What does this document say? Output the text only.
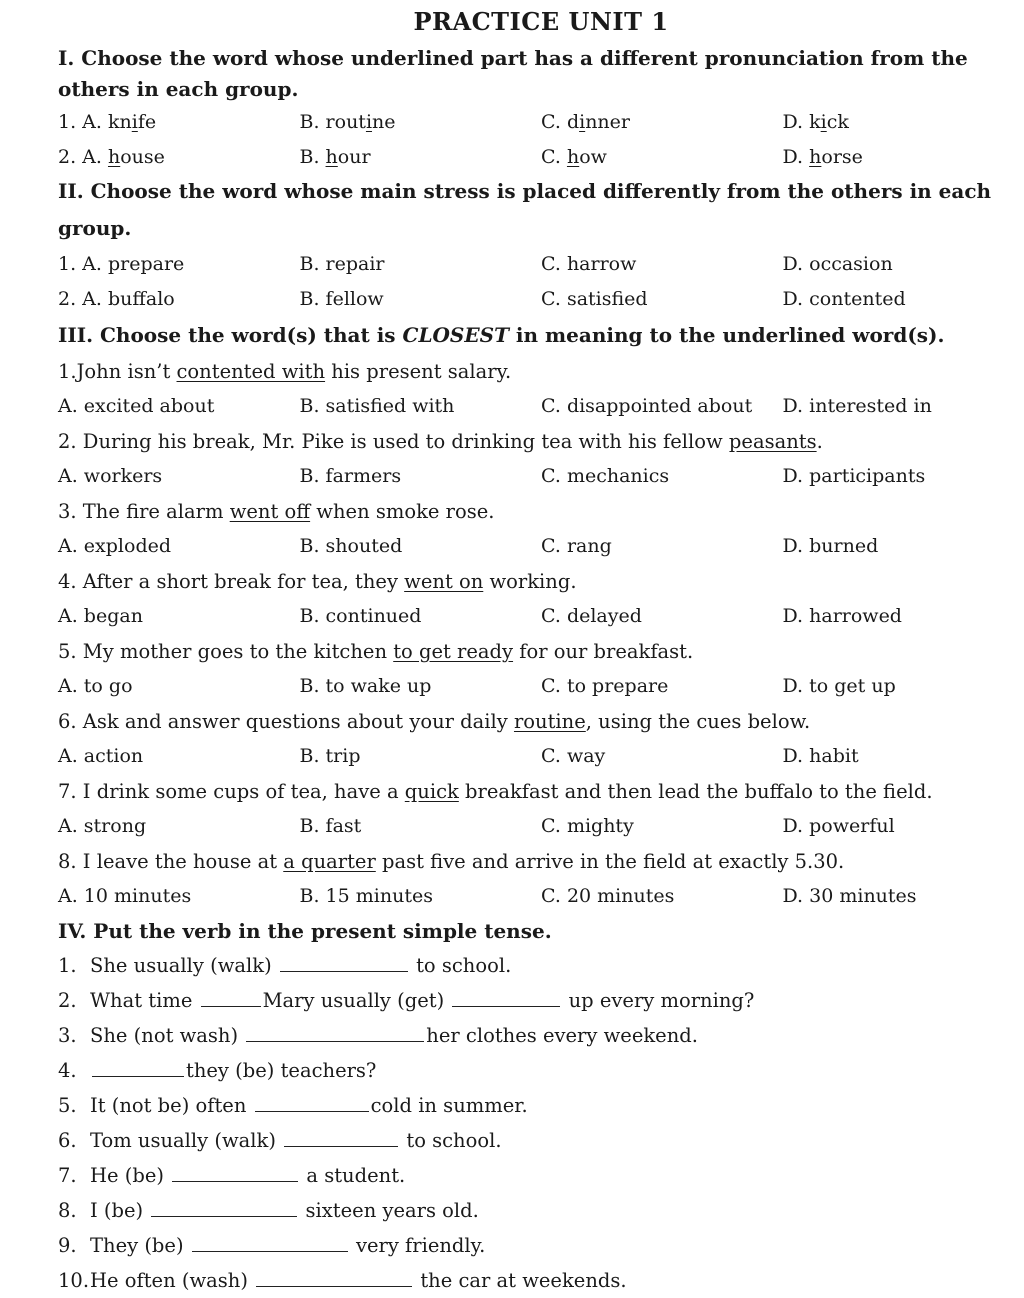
PRACTICE UNIT 1

I. Choose the word whose underlined part has a different pronunciation from the others in each group.

1. A. knife	B. routine	C. dinner	D. kick
2. A. house	B. hour	C. how	D. horse

II. Choose the word whose main stress is placed differently from the others in each group.

1. A. prepare	B. repair	C. harrow	D. occasion
2. A. buffalo	B. fellow	C. satisfied	D. contented

III. Choose the word(s) that is CLOSEST in meaning to the underlined word(s).

1.John isn’t contented with his present salary.
A. excited about	B. satisfied with	C. disappointed about	D. interested in
2. During his break, Mr. Pike is used to drinking tea with his fellow peasants.
A. workers	B. farmers	C. mechanics	D. participants
3. The fire alarm went off when smoke rose.
A. exploded	B. shouted	C. rang	D. burned
4. After a short break for tea, they went on working.
A. began	B. continued	C. delayed	D. harrowed
5. My mother goes to the kitchen to get ready for our breakfast.
A. to go	B. to wake up	C. to prepare	D. to get up
6. Ask and answer questions about your daily routine, using the cues below.
A. action	B. trip	C. way	D. habit
7. I drink some cups of tea, have a quick breakfast and then lead the buffalo to the field.
A. strong	B. fast	C. mighty	D. powerful
8. I leave the house at a quarter past five and arrive in the field at exactly 5.30.
A. 10 minutes	B. 15 minutes	C. 20 minutes	D. 30 minutes

IV. Put the verb in the present simple tense.

1. She usually (walk)	to school.
2. What time	Mary usually (get)	up every morning?
3. She (not wash)	her clothes every weekend.
4.	they (be) teachers?
5. It (not be) often	cold in summer.
6. Tom usually (walk)	to school.
7. He (be)	a student.
8. I (be)	sixteen years old.
9. They (be)	very friendly.
10. He often (wash)	the car at weekends.
